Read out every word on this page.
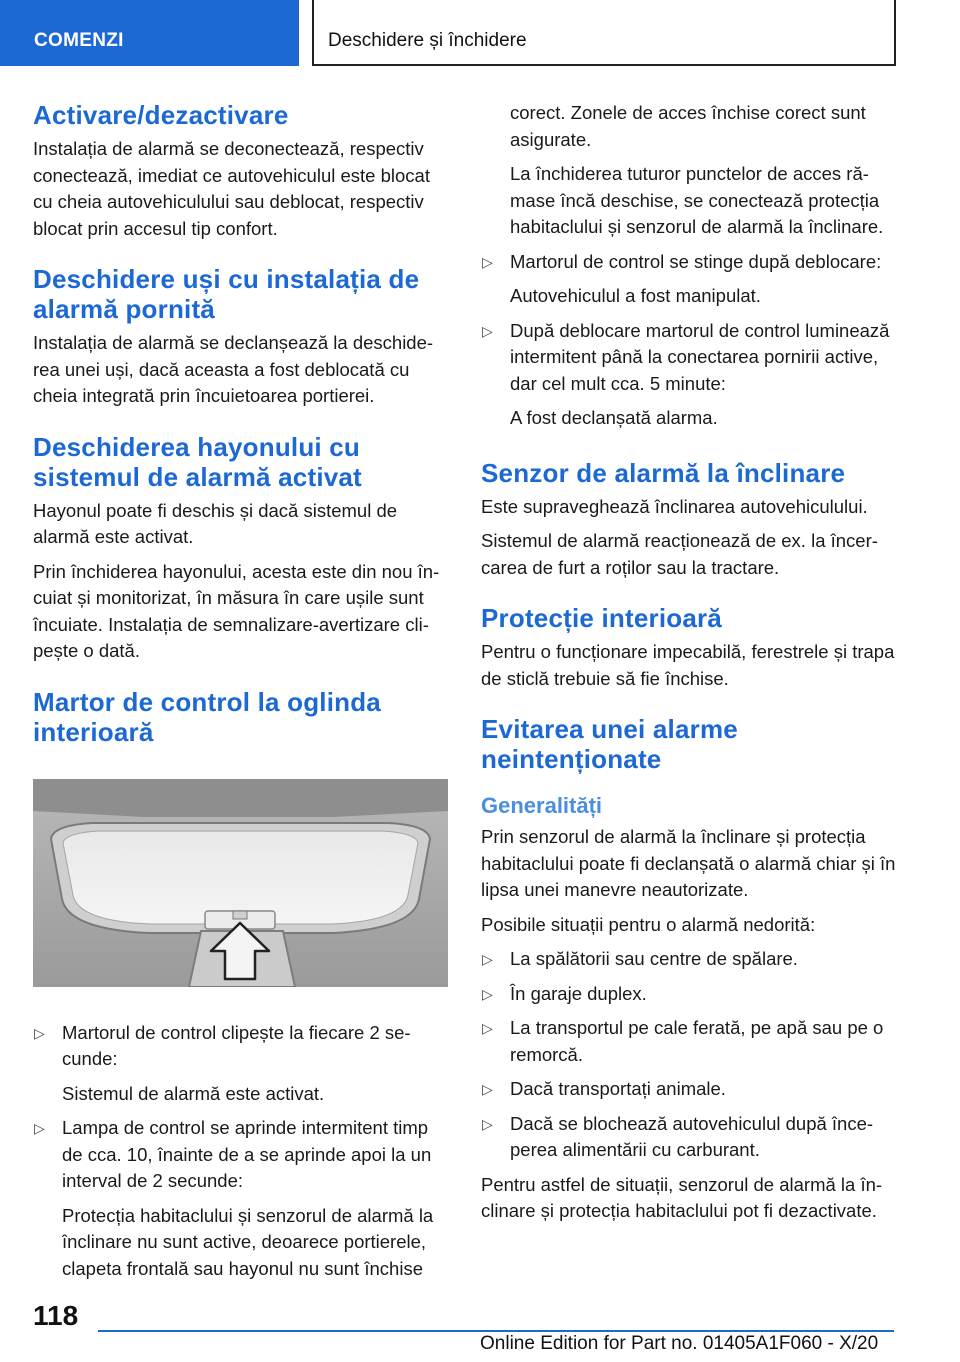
COMENZI	Deschidere și închidere
Activare/dezactivare

Instalația de alarmă se deconectează, respectiv conectează, imediat ce autovehiculul este blocat cu cheia autovehiculului sau deblocat, respectiv blocat prin accesul tip confort.

Deschidere uși cu instalația de alarmă pornită

Instalația de alarmă se declanșează la deschiderea unei uși, dacă aceasta a fost deblocată cu cheia integrată prin încuietoarea portierei.

Deschiderea hayonului cu sistemul de alarmă activat

Hayonul poate fi deschis și dacă sistemul de alarmă este activat.

Prin închiderea hayonului, acesta este din nou încuiat și monitorizat, în măsura în care ușile sunt încuiate. Instalația de semnalizare-avertizare clipește o dată.

Martor de control la oglinda interioară
▷ Martorul de control clipește la fiecare 2 secunde:
Sistemul de alarmă este activat.
▷ Lampa de control se aprinde intermitent timp de cca. 10, înainte de a se aprinde apoi la un interval de 2 secunde:
Protecția habitaclului și senzorul de alarmă la înclinare nu sunt active, deoarece portierele, clapeta frontală sau hayonul nu sunt închise

corect. Zonele de acces închise corect sunt asigurate.

La închiderea tuturor punctelor de acces rămase încă deschise, se conectează protecția habitaclului și senzorul de alarmă la înclinare.

▷ Martorul de control se stinge după deblocare:
Autovehiculul a fost manipulat.
▷ După deblocare martorul de control luminează intermitent până la conectarea pornirii active, dar cel mult cca. 5 minute:
A fost declanșată alarma.
Senzor de alarmă la înclinare

Este supraveghează înclinarea autovehiculului.

Sistemul de alarmă reacționează de ex. la încercarea de furt a roților sau la tractare.

Protecție interioară

Pentru o funcționare impecabilă, ferestrele și trapa de sticlă trebuie să fie închise.

Evitarea unei alarme neintenționate
Generalități

Prin senzorul de alarmă la înclinare și protecția habitaclului poate fi declanșată o alarmă chiar și în lipsa unei manevre neautorizate.

Posibile situații pentru o alarmă nedorită:

▷ La spălătorii sau centre de spălare.
▷ În garaje duplex.
▷ La transportul pe cale ferată, pe apă sau pe o remorcă.
▷ Dacă transportați animale.
▷ Dacă se blochează autovehiculul după începerea alimentării cu carburant.

Pentru astfel de situații, senzorul de alarmă la înclinare și protecția habitaclului pot fi dezactivate.

118
Online Edition for Part no. 01405A1F060 - X/20
